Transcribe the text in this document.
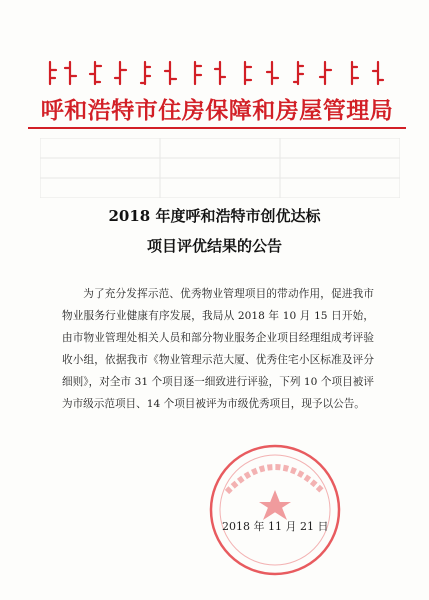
呼和浩特市住房保障和房屋管理局
2018 年度呼和浩特市创优达标
项目评优结果的公告
为了充分发挥示范、优秀物业管理项目的带动作用，促进我市物业服务行业健康有序发展，我局从 2018 年 10 月 15 日开始，由市物业管理处相关人员和部分物业服务企业项目经理组成考评验收小组，依据我市《物业管理示范大厦、优秀住宅小区标准及评分细则》，对全市 31 个项目逐一细致进行评验，下列 10 个项目被评为市级示范项目、14 个项目被评为市级优秀项目，现予以公告。
2018 年 11 月 21 日
